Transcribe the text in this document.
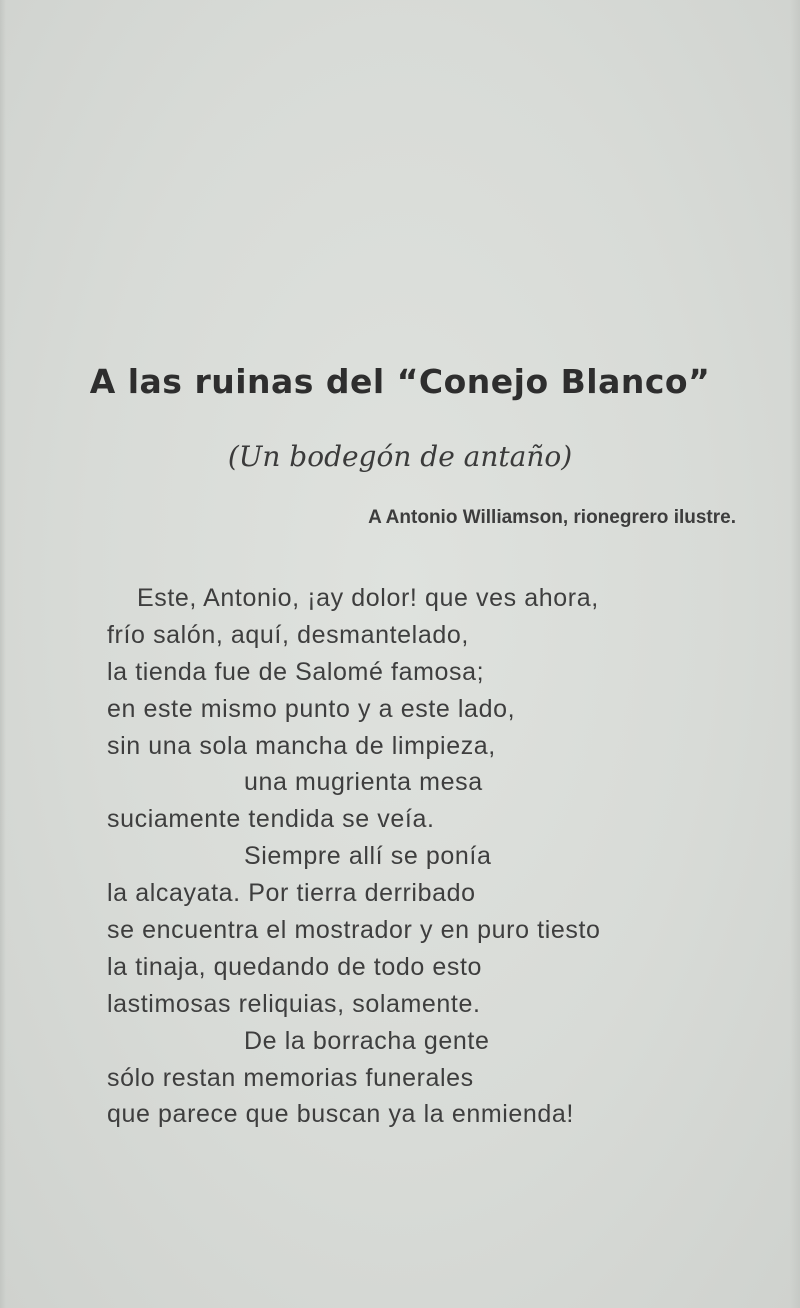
A las ruinas del “Conejo Blanco”
(Un bodegón de antaño)
A Antonio Williamson, rionegrero ilustre.
Este, Antonio, ¡ay dolor! que ves ahora,
frío salón, aquí, desmantelado,
la tienda fue de Salomé famosa;
en este mismo punto y a este lado,
sin una sola mancha de limpieza,
una mugrienta mesa
suciamente tendida se veía.
Siempre allí se ponía
la alcayata. Por tierra derribado
se encuentra el mostrador y en puro tiesto
la tinaja, quedando de todo esto
lastimosas reliquias, solamente.
De la borracha gente
sólo restan memorias funerales
que parece que buscan ya la enmienda!
